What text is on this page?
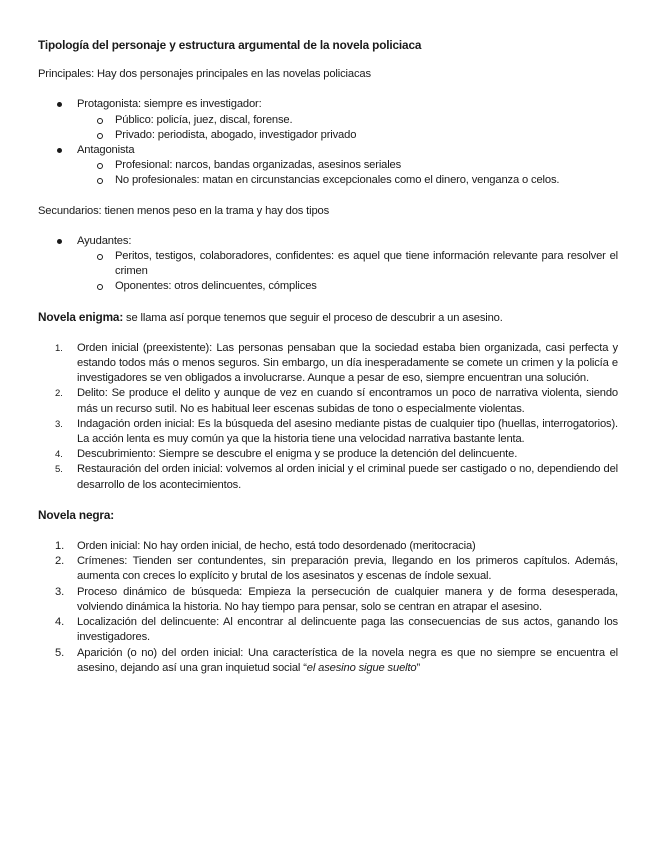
Tipología del personaje y estructura argumental de la novela policiaca
Principales: Hay dos personajes principales en las novelas policiacas
Protagonista: siempre es investigador:
Público: policía, juez, discal, forense.
Privado: periodista, abogado, investigador privado
Antagonista
Profesional: narcos, bandas organizadas, asesinos seriales
No profesionales: matan en circunstancias excepcionales como el dinero, venganza o celos.
Secundarios: tienen menos peso en la trama y hay dos tipos
Ayudantes:
Peritos, testigos, colaboradores, confidentes: es aquel que tiene información relevante para resolver el crimen
Oponentes: otros delincuentes, cómplices
Novela enigma: se llama así porque tenemos que seguir el proceso de descubrir a un asesino.
1. Orden inicial (preexistente): Las personas pensaban que la sociedad estaba bien organizada, casi perfecta y estando todos más o menos seguros. Sin embargo, un día inesperadamente se comete un crimen y la policía e investigadores se ven obligados a involucrarse. Aunque a pesar de eso, siempre encuentran una solución.
2. Delito: Se produce el delito y aunque de vez en cuando sí encontramos un poco de narrativa violenta, siendo más un recurso sutil. No es habitual leer escenas subidas de tono o especialmente violentas.
3. Indagación orden inicial: Es la búsqueda del asesino mediante pistas de cualquier tipo (huellas, interrogatorios). La acción lenta es muy común ya que la historia tiene una velocidad narrativa bastante lenta.
4. Descubrimiento: Siempre se descubre el enigma y se produce la detención del delincuente.
5. Restauración del orden inicial: volvemos al orden inicial y el criminal puede ser castigado o no, dependiendo del desarrollo de los acontecimientos.
Novela negra:
1. Orden inicial: No hay orden inicial, de hecho, está todo desordenado (meritocracia)
2. Crímenes: Tienden ser contundentes, sin preparación previa, llegando en los primeros capítulos. Además, aumenta con creces lo explícito y brutal de los asesinatos y escenas de índole sexual.
3. Proceso dinámico de búsqueda: Empieza la persecución de cualquier manera y de forma desesperada, volviendo dinámica la historia. No hay tiempo para pensar, solo se centran en atrapar el asesino.
4. Localización del delincuente: Al encontrar al delincuente paga las consecuencias de sus actos, ganando los investigadores.
5. Aparición (o no) del orden inicial: Una característica de la novela negra es que no siempre se encuentra el asesino, dejando así una gran inquietud social “el asesino sigue suelto”
